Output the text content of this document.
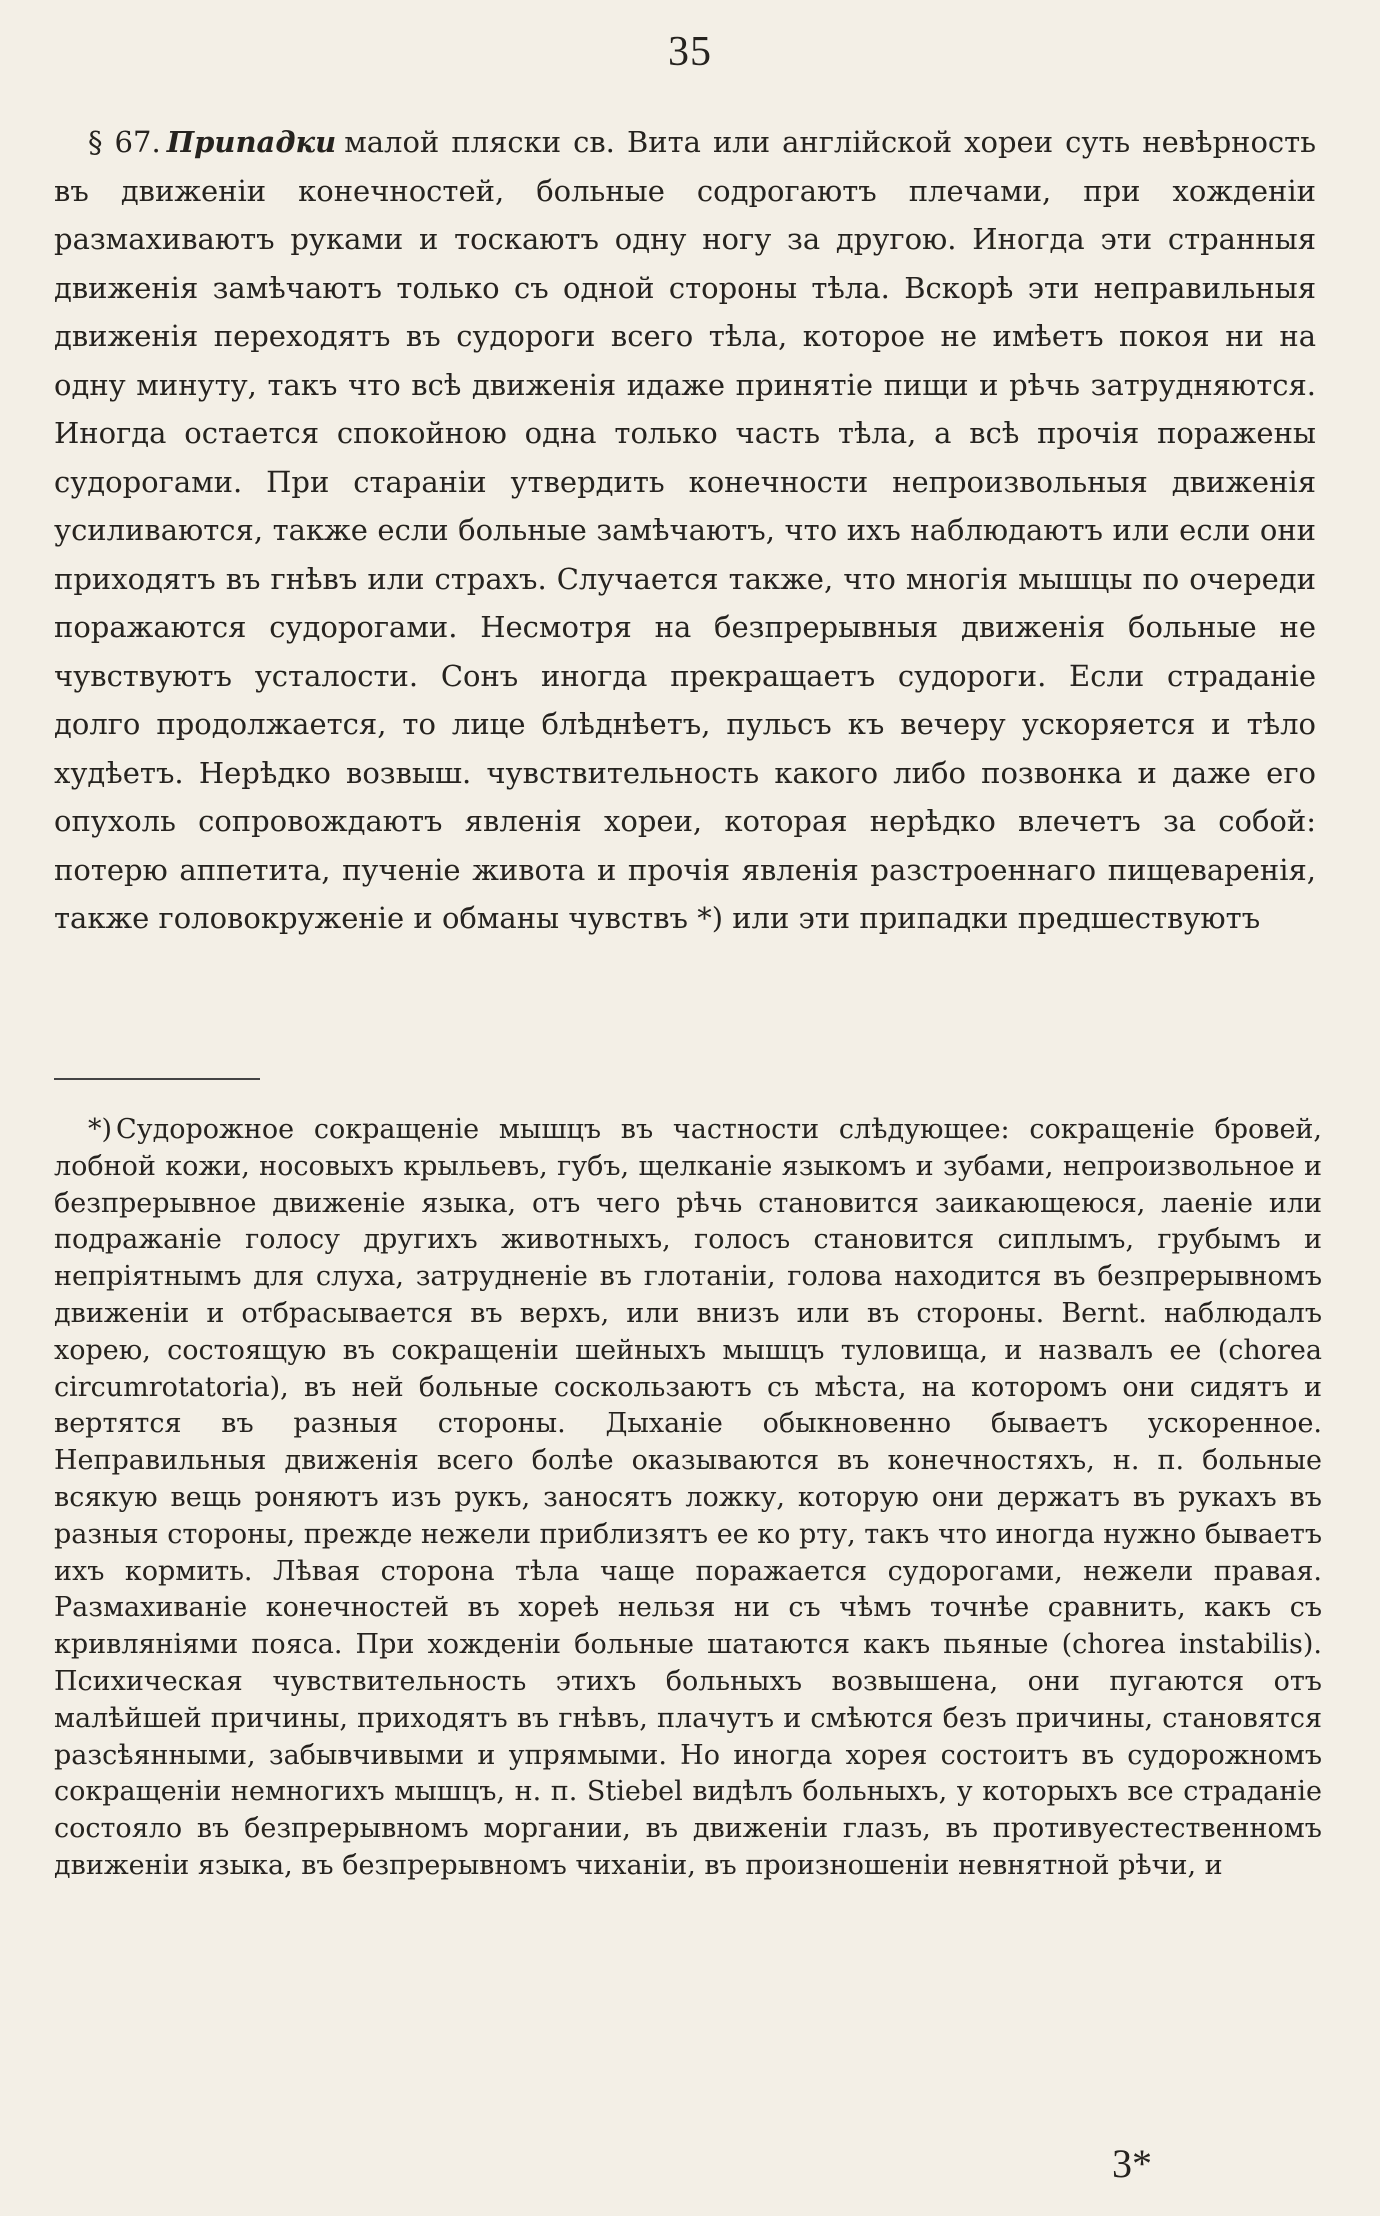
35

§ 67. Припадки малой пляски св. Вита или англійской хореи суть невѣрность въ движеніи конечностей, больные содрогаютъ плечами, при хожденіи размахиваютъ руками и тоскаютъ одну ногу за другою. Иногда эти странныя движенія замѣчаютъ только съ одной стороны тѣла. Вскорѣ эти неправильныя движенія переходятъ въ судороги всего тѣла, которое не имѣетъ покоя ни на одну минуту, такъ что всѣ движенія идаже принятіе пищи и рѣчь затрудняются. Иногда остается спокойною одна только часть тѣла, а всѣ прочія поражены судорогами. При стараніи утвердить конечности непроизвольныя движенія усиливаются, также если больные замѣчаютъ, что ихъ наблюдаютъ или если они приходятъ въ гнѣвъ или страхъ. Случается также, что многія мышцы по очереди поражаются судорогами. Несмотря на безпрерывныя движенія больные не чувствуютъ усталости. Сонъ иногда прекращаетъ судороги. Если страданіе долго продолжается, то лице блѣднѣетъ, пульсъ къ вечеру ускоряется и тѣло худѣетъ. Нерѣдко возвыш. чувствительность какого либо позвонка и даже его опухоль сопровождаютъ явленія хореи, которая нерѣдко влечетъ за собой: потерю аппетита, пученіе живота и прочія явленія разстроеннаго пищеваренія, также головокруженіе и обманы чувствъ *) или эти припадки предшествуютъ

*) Судорожное сокращеніе мышцъ въ частности слѣдующее: сокращеніе бровей, лобной кожи, носовыхъ крыльевъ, губъ, щелканіе языкомъ и зубами, непроизвольное и безпрерывное движеніе языка, отъ чего рѣчь становится заикающеюся, лаеніе или подражаніе голосу другихъ животныхъ, голосъ становится сиплымъ, грубымъ и непріятнымъ для слуха, затрудненіе въ глотаніи, голова находится въ безпрерывномъ движеніи и отбрасывается въ верхъ, или внизъ или въ стороны. Bernt. наблюдалъ хорею, состоящую въ сокращеніи шейныхъ мышцъ туловища, и назвалъ ее (chorea circumrotatoria), въ ней больные соскользаютъ съ мѣста, на которомъ они сидятъ и вертятся въ разныя стороны. Дыханіе обыкновенно бываетъ ускоренное. Неправильныя движенія всего болѣе оказываются въ конечностяхъ, н. п. больные всякую вещь роняютъ изъ рукъ, заносятъ ложку, которую они держатъ въ рукахъ въ разныя стороны, прежде нежели приблизятъ ее ко рту, такъ что иногда нужно бываетъ ихъ кормить. Лѣвая сторона тѣла чаще поражается судорогами, нежели правая. Размахиваніе конечностей въ хореѣ нельзя ни съ чѣмъ точнѣе сравнить, какъ съ кривляніями пояса. При хожденіи больные шатаются какъ пьяные (chorea instabilis). Психическая чувствительность этихъ больныхъ возвышена, они пугаются отъ малѣйшей причины, приходятъ въ гнѣвъ, плачутъ и смѣются безъ причины, становятся разсѣянными, забывчивыми и упрямыми. Но иногда хорея состоитъ въ судорожномъ сокращеніи немногихъ мышцъ, н. п. Stiebel видѣлъ больныхъ, у которыхъ все страданіе состояло въ безпрерывномъ моргании, въ движеніи глазъ, въ противуестественномъ движеніи языка, въ безпрерывномъ чиханіи, въ произношеніи невнятной рѣчи, и

3*
